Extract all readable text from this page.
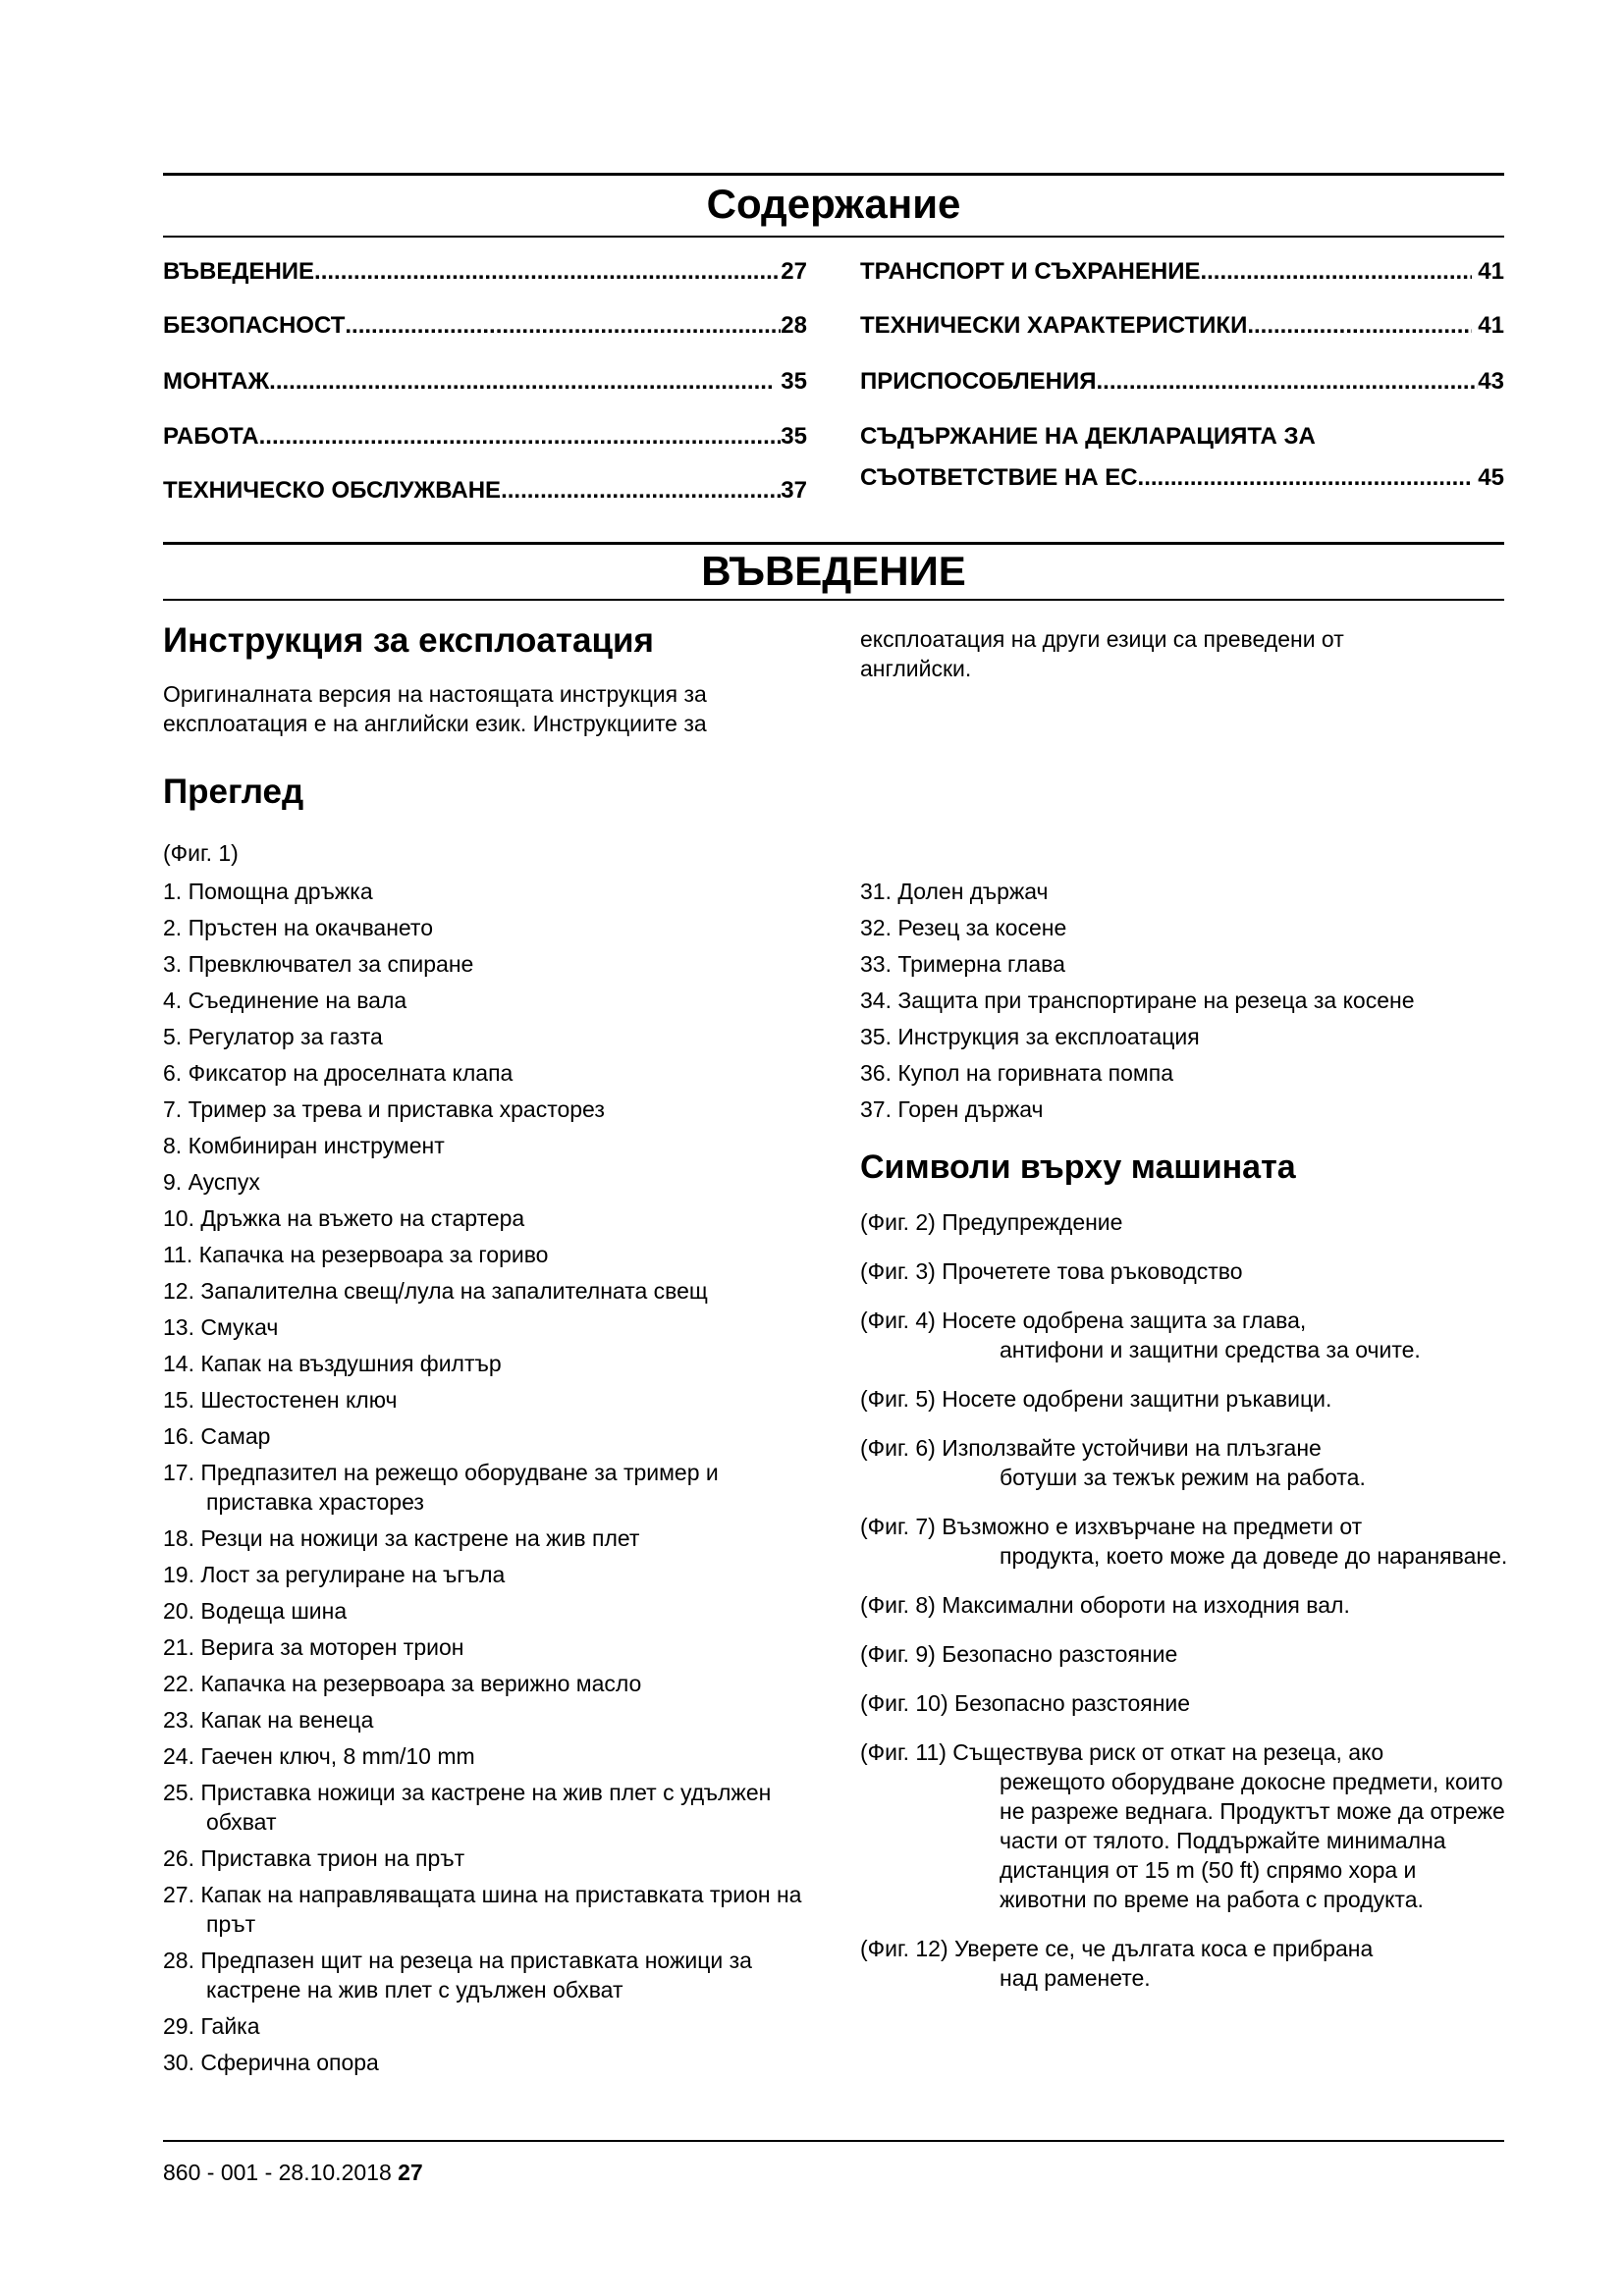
Содержание
ВЪВЕДЕНИЕ .....	27
БЕЗОПАСНОСТ .....	28
МОНТАЖ .....	35
РАБОТА .....	35
ТЕХНИЧЕСКО ОБСЛУЖВАНЕ .....	37
ТРАНСПОРТ И СЪХРАНЕНИЕ .....	41
ТЕХНИЧЕСКИ ХАРАКТЕРИСТИКИ .....	41
ПРИСПОСОБЛЕНИЯ .....	43
СЪДЪРЖАНИЕ НА ДЕКЛАРАЦИЯТА ЗА
СЪОТВЕТСТВИЕ НА ЕС .....	45
ВЪВЕДЕНИЕ
Инструкция за експлоатация

Оригиналната версия на настоящата инструкция за
експлоатация е на английски език. Инструкциите за

експлоатация на други езици са преведени от
английски.

Преглед

(Фиг. 1)

1. Помощна дръжка
2. Пръстен на окачването
3. Превключвател за спиране
4. Съединение на вала
5. Регулатор за газта
6. Фиксатор на дроселната клапа
7. Тример за трева и приставка храсторез
8. Комбиниран инструмент
9. Ауспух
10. Дръжка на въжето на стартера
11. Капачка на резервоара за гориво
12. Запалителна свещ/лула на запалителната свещ
13. Смукач
14. Капак на въздушния филтър
15. Шестостенен ключ
16. Самар
17. Предпазител на режещо оборудване за тример и приставка храсторез
18. Резци на ножици за кастрене на жив плет
19. Лост за регулиране на ъгъла
20. Водеща шина
21. Верига за моторен трион
22. Капачка на резервоара за верижно масло
23. Капак на венеца
24. Гаечен ключ, 8 mm/10 mm
25. Приставка ножици за кастрене на жив плет с удължен обхват
26. Приставка трион на прът
27. Капак на направляващата шина на приставката трион на прът
28. Предпазен щит на резеца на приставката ножици за кастрене на жив плет с удължен обхват
29. Гайка
30. Сферична опора
31. Долен държач
32. Резец за косене
33. Тримерна глава
34. Защита при транспортиране на резеца за косене
35. Инструкция за експлоатация
36. Купол на горивната помпа
37. Горен държач
Символи върху машината
(Фиг. 2) Предупреждение
(Фиг. 3) Прочетете това ръководство
(Фиг. 4) Носете одобрена защита за глава,
антифони и защитни средства за очите.
(Фиг. 5) Носете одобрени защитни ръкавици.
(Фиг. 6) Използвайте устойчиви на плъзгане
ботуши за тежък режим на работа.
(Фиг. 7) Възможно е изхвърчане на предмети от
продукта, което може да доведе до нараняване.
(Фиг. 8) Максимални обороти на изходния вал.
(Фиг. 9) Безопасно разстояние
(Фиг. 10) Безопасно разстояние
(Фиг. 11) Съществува риск от откат на резеца, ако
режещото оборудване докосне предмети, които не разреже веднага. Продуктът може да отреже части от тялото. Поддържайте минимална дистанция от 15 m (50 ft) спрямо хора и животни по време на работа с продукта.
(Фиг. 12) Уверете се, че дългата коса е прибрана
над раменете.
860 - 001 - 28.10.2018 27
